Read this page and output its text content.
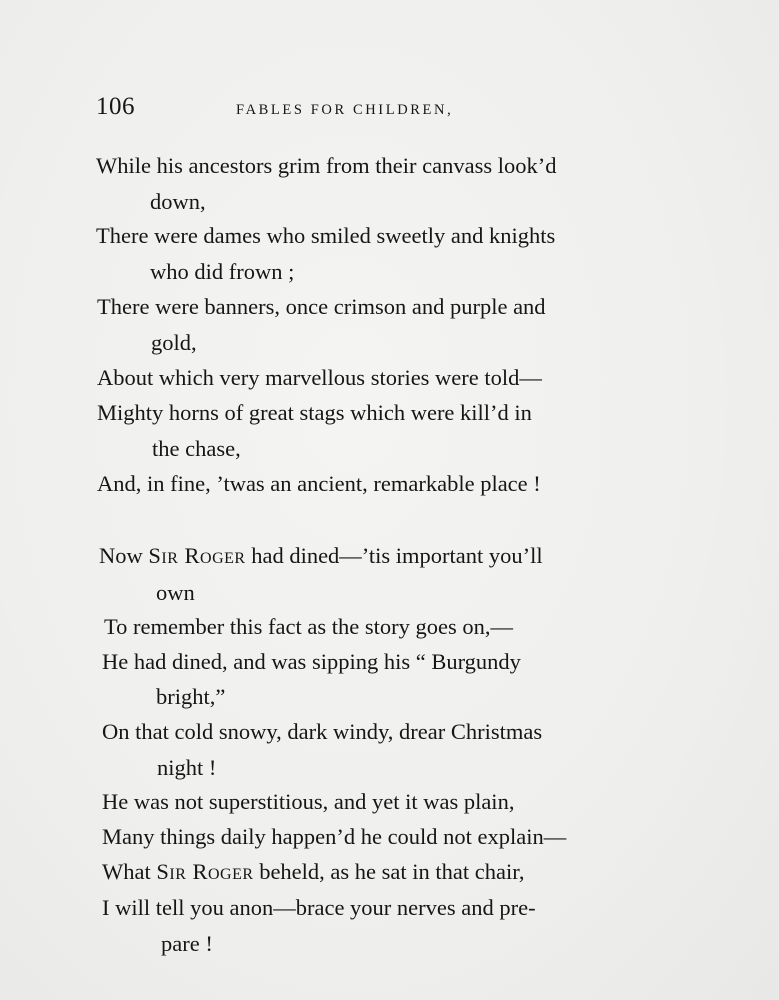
106	FABLES FOR CHILDREN,
While his ancestors grim from their canvass look’d
down,
There were dames who smiled sweetly and knights
who did frown ;
There were banners, once crimson and purple and
gold,
About which very marvellous stories were told—
Mighty horns of great stags which were kill’d in
the chase,
And, in fine, ’twas an ancient, remarkable place !
Now Sir Roger had dined—’tis important you’ll
own
To remember this fact as the story goes on,—
He had dined, and was sipping his “ Burgundy
bright,”
On that cold snowy, dark windy, drear Christmas
night !
He was not superstitious, and yet it was plain,
Many things daily happen’d he could not explain—
What Sir Roger beheld, as he sat in that chair,
I will tell you anon—brace your nerves and pre-
pare !
